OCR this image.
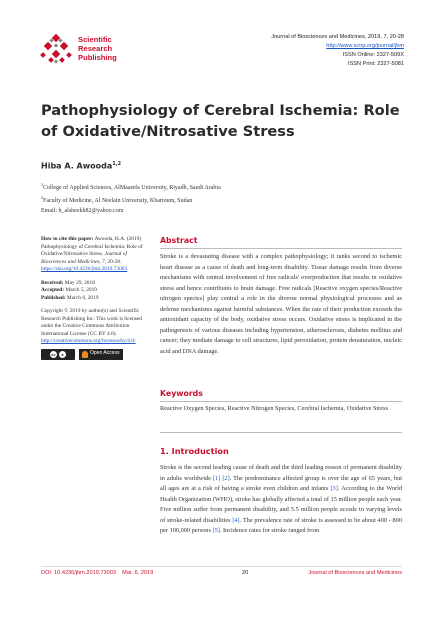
Scientific
Research
Publishing
Journal of Biosciences and Medicines, 2019, 7, 20-28
http://www.scirp.org/journal/jbm
ISSN Online: 2327-509X
ISSN Print: 2327-5081
Pathophysiology of Cerebral Ischemia: Role of Oxidative/Nitrosative Stress
Hiba A. Awooda$^{1,2}$
$^1$College of Applied Sciences, AlMaarefa University, Riyadh, Saudi Arabia
$^2$Faculty of Medicine, Al Neelain University, Khartoum, Sudan
Email: h_alsheekh82@yahoo.com

How to cite this paper: Awooda, H.A. (2019) Pathophysiology of Cerebral Ischemia: Role of Oxidative/Nitrosative Stress. Journal of Biosciences and Medicines, 7, 20-28.
https://doi.org/10.4236/jbm.2019.73003

Received: May 29, 2018
Accepted: March 5, 2019
Published: March 6, 2019

Copyright © 2019 by author(s) and Scientific Research Publishing Inc. This work is licensed under the Creative Commons Attribution International License (CC BY 4.0).
http://creativecommons.org/licenses/by/4.0/

cc	●	Open Access
Abstract
Stroke is a devastating disease with a complex pathophysiology; it ranks second to ischemic heart disease as a cause of death and long-term disability. Tissue damage results from diverse mechanisms with central involvement of free radicals' overproduction that results in oxidative stress and hence contributes to brain damage. Free radicals [Reactive oxygen species/Reactive nitrogen species] play central a role in the diverse normal physiological processes and as defense mechanisms against harmful substances. When the rate of their production exceeds the antioxidant capacity of the body, oxidative stress occurs. Oxidative stress is implicated in the pathogenesis of various diseases including hypertension, atherosclerosis, diabetes mellitus and cancer; they mediate damage to cell structures, lipid peroxidation, protein denaturation, nucleic acid and DNA damage.
Keywords
Reactive Oxygen Species, Reactive Nitrogen Species, Cerebral Ischemia, Oxidative Stress
1. Introduction
Stroke is the second leading cause of death and the third leading reason of permanent disability in adults worldwide [1] [2]. The predominance affected group is over the age of 65 years, but all ages are at a risk of having a stroke even children and infants [3]. According to the World Health Organization (WHO), stroke has globally affected a total of 15 million people each year. Five million suffer from permanent disability, and 5.5 million people accede to varying levels of stroke-related disabilities [4]. The prevalence rate of stroke is assessed to be about 400 - 800 per 100,000 persons [5]. Incidence rates for stroke ranged from
DOI: 10.4236/jbm.2019.73003    Mar. 6, 2019	20	Journal of Biosciences and Medicines
